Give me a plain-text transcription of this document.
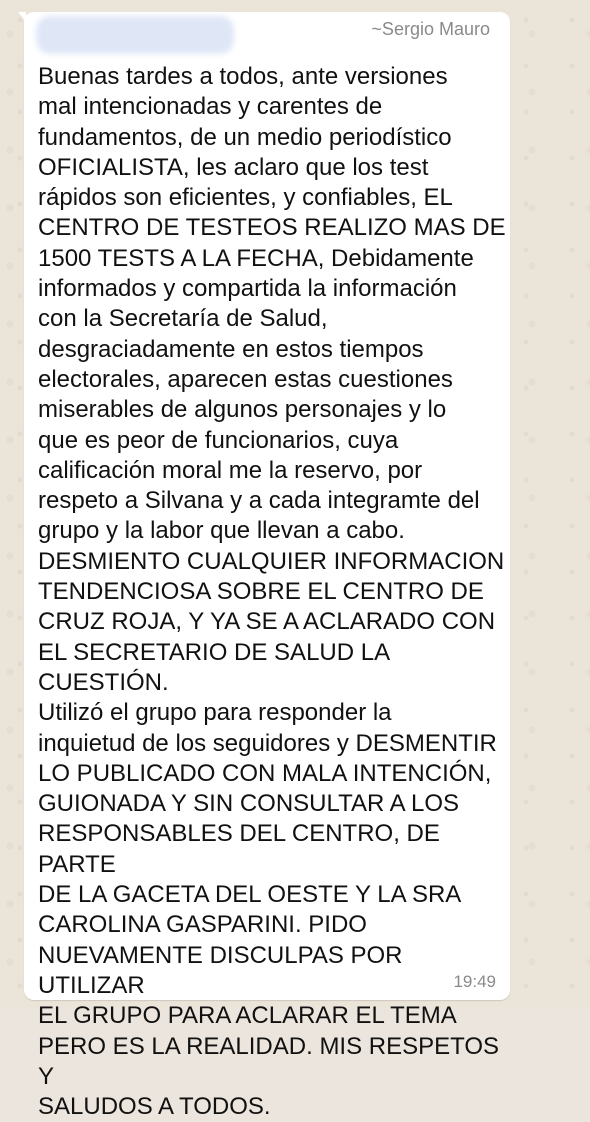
~Sergio Mauro

Buenas tardes a todos, ante versiones
mal intencionadas y carentes de
fundamentos, de un medio periodístico
OFICIALISTA, les aclaro que los test
rápidos son eficientes, y confiables, EL
CENTRO DE TESTEOS REALIZO MAS DE
1500 TESTS A LA FECHA, Debidamente
informados y compartida la información
con la Secretaría de Salud,
desgraciadamente en estos tiempos
electorales, aparecen estas cuestiones
miserables de algunos personajes y lo
que es peor de funcionarios, cuya
calificación moral me la reservo, por
respeto a Silvana y a cada integramte del
grupo y la labor que llevan a cabo.
DESMIENTO CUALQUIER INFORMACION
TENDENCIOSA SOBRE EL CENTRO DE
CRUZ ROJA, Y YA SE A ACLARADO CON
EL SECRETARIO DE SALUD LA CUESTIÓN.
Utilizó el grupo para responder la
inquietud de los seguidores y DESMENTIR
LO PUBLICADO CON MALA INTENCIÓN,
GUIONADA Y SIN CONSULTAR A LOS
RESPONSABLES DEL CENTRO, DE PARTE
DE LA GACETA DEL OESTE Y LA SRA
CAROLINA GASPARINI. PIDO
NUEVAMENTE DISCULPAS POR UTILIZAR
EL GRUPO PARA ACLARAR EL TEMA
PERO ES LA REALIDAD. MIS RESPETOS Y
SALUDOS A TODOS.

19:49
